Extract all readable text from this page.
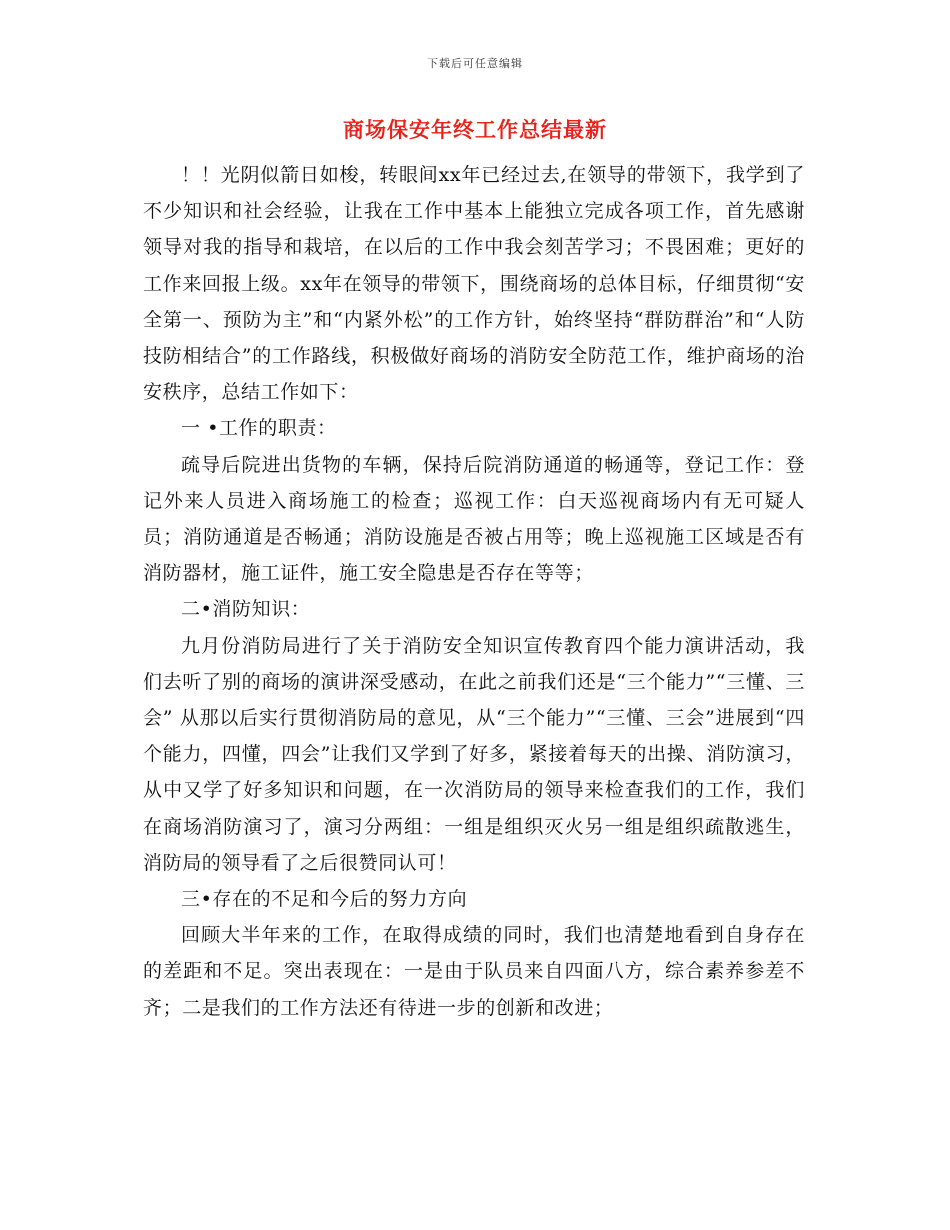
下载后可任意编辑
商场保安年终工作总结最新

！！光阴似箭日如梭，转眼间xx年已经过去,在领导的带领下，我学到了不少知识和社会经验，让我在工作中基本上能独立完成各项工作，首先感谢领导对我的指导和栽培，在以后的工作中我会刻苦学习；不畏困难；更好的工作来回报上级。xx年在领导的带领下，围绕商场的总体目标，仔细贯彻“安全第一、预防为主”和“内紧外松”的工作方针，始终坚持“群防群治”和“人防技防相结合”的工作路线，积极做好商场的消防安全防范工作，维护商场的治安秩序，总结工作如下：

一 •工作的职责：

疏导后院进出货物的车辆，保持后院消防通道的畅通等，登记工作：登记外来人员进入商场施工的检查；巡视工作：白天巡视商场内有无可疑人员；消防通道是否畅通；消防设施是否被占用等；晚上巡视施工区域是否有消防器材，施工证件，施工安全隐患是否存在等等；

二•消防知识：

九月份消防局进行了关于消防安全知识宣传教育四个能力演讲活动，我们去听了别的商场的演讲深受感动，在此之前我们还是“三个能力”“三懂、三会” 从那以后实行贯彻消防局的意见，从“三个能力”“三懂、三会”进展到“四个能力，四懂，四会”让我们又学到了好多，紧接着每天的出操、消防演习，从中又学了好多知识和问题，在一次消防局的领导来检查我们的工作，我们在商场消防演习了，演习分两组：一组是组织灭火另一组是组织疏散逃生，消防局的领导看了之后很赞同认可！

三•存在的不足和今后的努力方向

回顾大半年来的工作，在取得成绩的同时，我们也清楚地看到自身存在的差距和不足。突出表现在：一是由于队员来自四面八方，综合素养参差不齐；二是我们的工作方法还有待进一步的创新和改进；
